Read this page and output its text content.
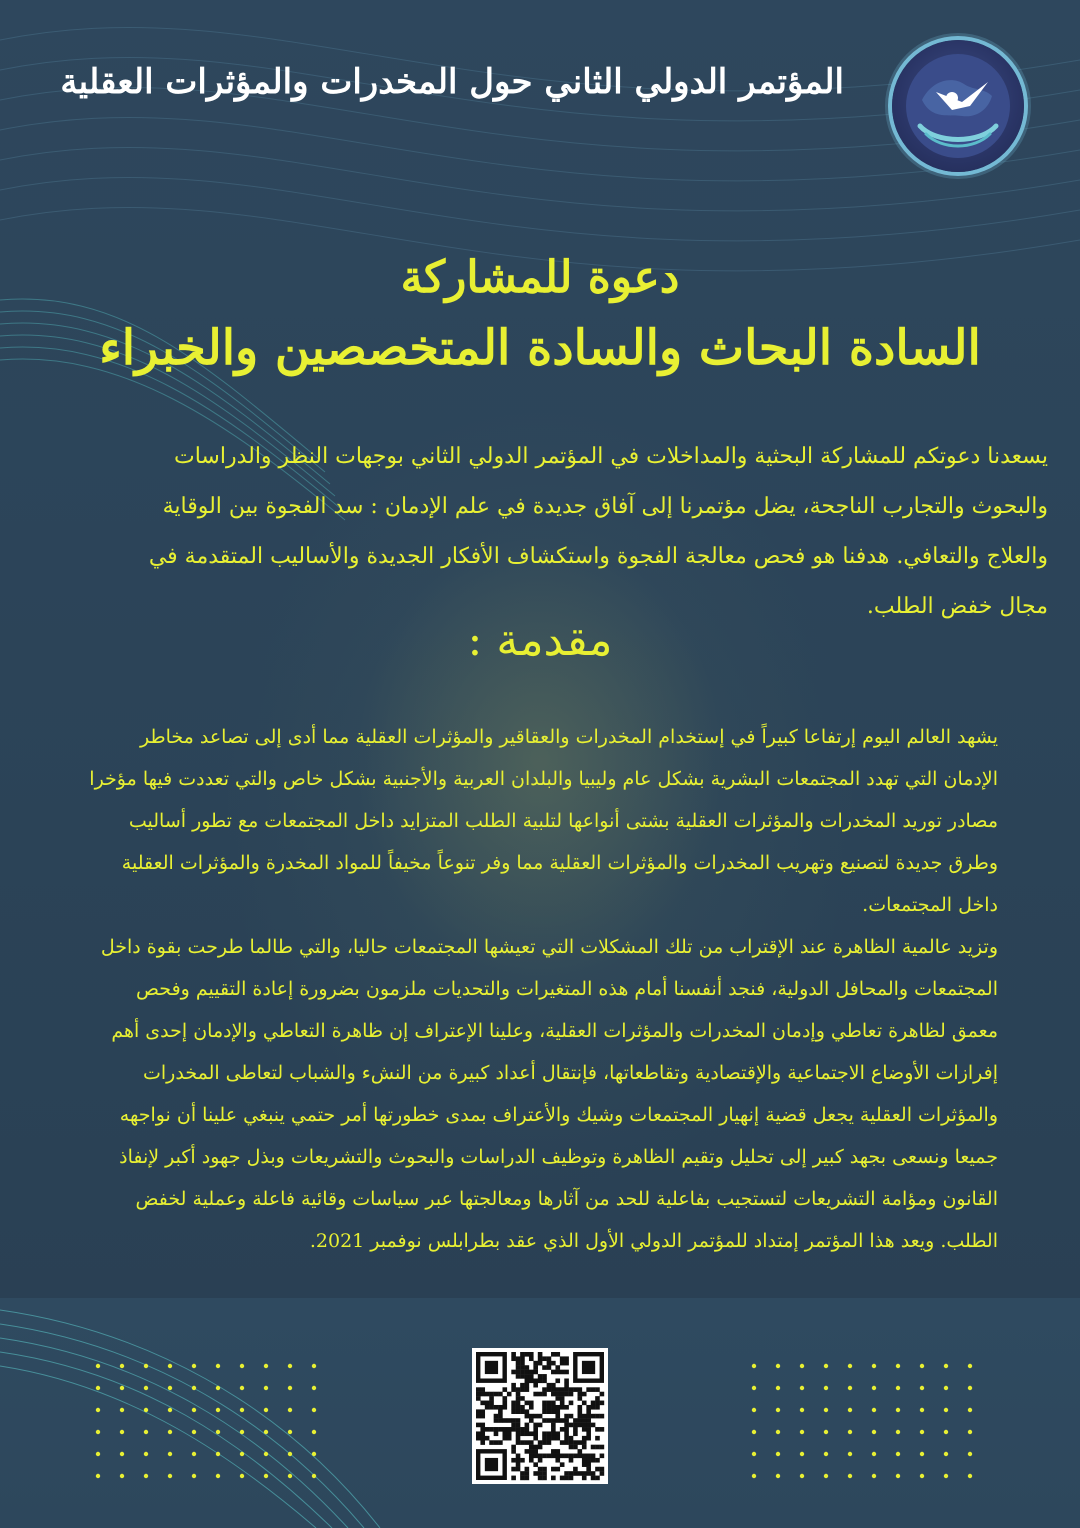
المؤتمر الدولي الثاني حول المخدرات والمؤثرات العقلية
دعوة للمشاركة
السادة البحاث والسادة المتخصصين والخبراء
يسعدنا دعوتكم للمشاركة البحثية والمداخلات في المؤتمر الدولي الثاني بوجهات النظر والدراسات والبحوث والتجارب الناجحة، يضل مؤتمرنا إلى آفاق جديدة في علم الإدمان : سد الفجوة بين الوقاية والعلاج والتعافي. هدفنا هو فحص معالجة الفجوة واستكشاف الأفكار الجديدة والأساليب المتقدمة في مجال خفض الطلب.
مقدمة :
يشهد العالم اليوم إرتفاعا كبيراً في إستخدام المخدرات والعقاقير والمؤثرات العقلية مما أدى إلى تصاعد مخاطر الإدمان التي تهدد المجتمعات البشرية بشكل عام وليبيا والبلدان العربية والأجنبية بشكل خاص والتي تعددت فيها مؤخرا مصادر توريد المخدرات والمؤثرات العقلية بشتى أنواعها لتلبية الطلب المتزايد داخل المجتمعات مع تطور أساليب وطرق جديدة لتصنيع وتهريب المخدرات والمؤثرات العقلية مما وفر تنوعاً مخيفاً للمواد المخدرة والمؤثرات العقلية داخل المجتمعات.
وتزيد عالمية الظاهرة عند الإقتراب من تلك المشكلات التي تعيشها المجتمعات حاليا، والتي طالما طرحت بقوة داخل المجتمعات والمحافل الدولية، فنجد أنفسنا أمام هذه المتغيرات والتحديات ملزمون بضرورة إعادة التقييم وفحص معمق لظاهرة تعاطي وإدمان المخدرات والمؤثرات العقلية، وعلينا الإعتراف إن ظاهرة التعاطي والإدمان إحدى أهم إفرازات الأوضاع الاجتماعية والإقتصادية وتقاطعاتها، فإنتقال أعداد كبيرة من النشء والشباب لتعاطى المخدرات والمؤثرات العقلية يجعل قضية إنهيار المجتمعات وشيك والأعتراف بمدى خطورتها أمر حتمي ينبغي علينا أن نواجهه جميعا ونسعى بجهد كبير إلى تحليل وتقيم الظاهرة وتوظيف الدراسات والبحوث والتشريعات وبذل جهود أكبر لإنفاذ القانون ومؤامة التشريعات لتستجيب بفاعلية للحد من آثارها ومعالجتها عبر سياسات وقائية فاعلة وعملية لخفض الطلب. ويعد هذا المؤتمر إمتداد للمؤتمر الدولي الأول الذي عقد بطرابلس نوفمبر 2021.
